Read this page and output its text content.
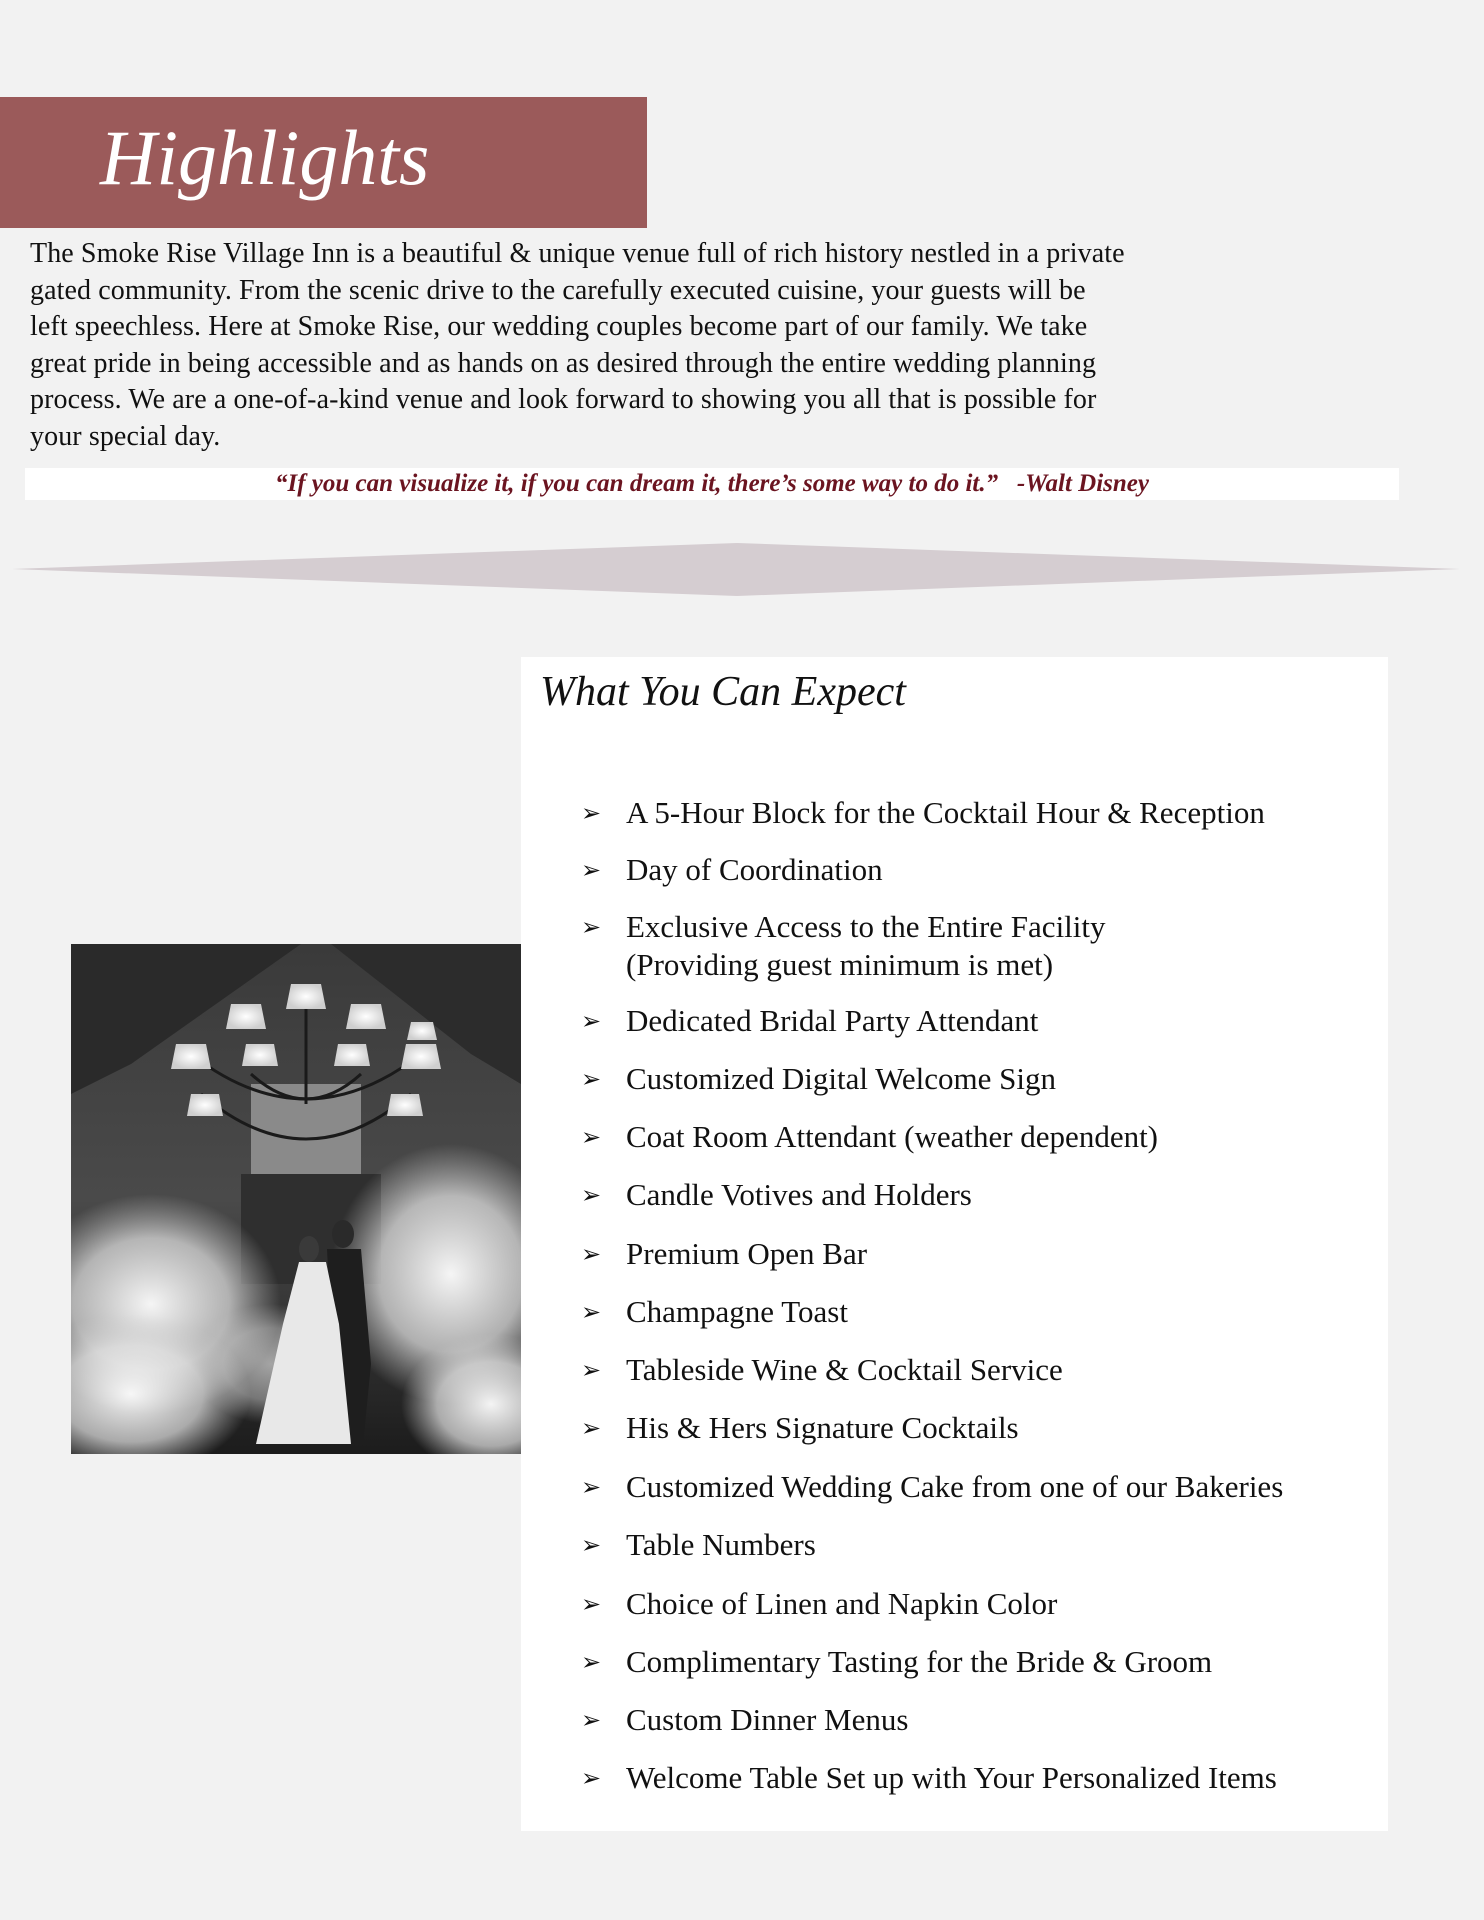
Highlights
The Smoke Rise Village Inn is a beautiful & unique venue full of rich history nestled in a private
gated community. From the scenic drive to the carefully executed cuisine, your guests will be
left speechless. Here at Smoke Rise, our wedding couples become part of our family. We take
great pride in being accessible and as hands on as desired through the entire wedding planning
process. We are a one-of-a-kind venue and look forward to showing you all that is possible for
your special day.
“If you can visualize it, if you can dream it, there’s some way to do it.”   -Walt Disney
What You Can Expect
➢ A 5-Hour Block for the Cocktail Hour & Reception
➢ Day of Coordination
➢ Exclusive Access to the Entire Facility
(Providing guest minimum is met)
➢ Dedicated Bridal Party Attendant
➢ Customized Digital Welcome Sign
➢ Coat Room Attendant (weather dependent)
➢ Candle Votives and Holders
➢ Premium Open Bar
➢ Champagne Toast
➢ Tableside Wine & Cocktail Service
➢ His & Hers Signature Cocktails
➢ Customized Wedding Cake from one of our Bakeries
➢ Table Numbers
➢ Choice of Linen and Napkin Color
➢ Complimentary Tasting for the Bride & Groom
➢ Custom Dinner Menus
➢ Welcome Table Set up with Your Personalized Items
